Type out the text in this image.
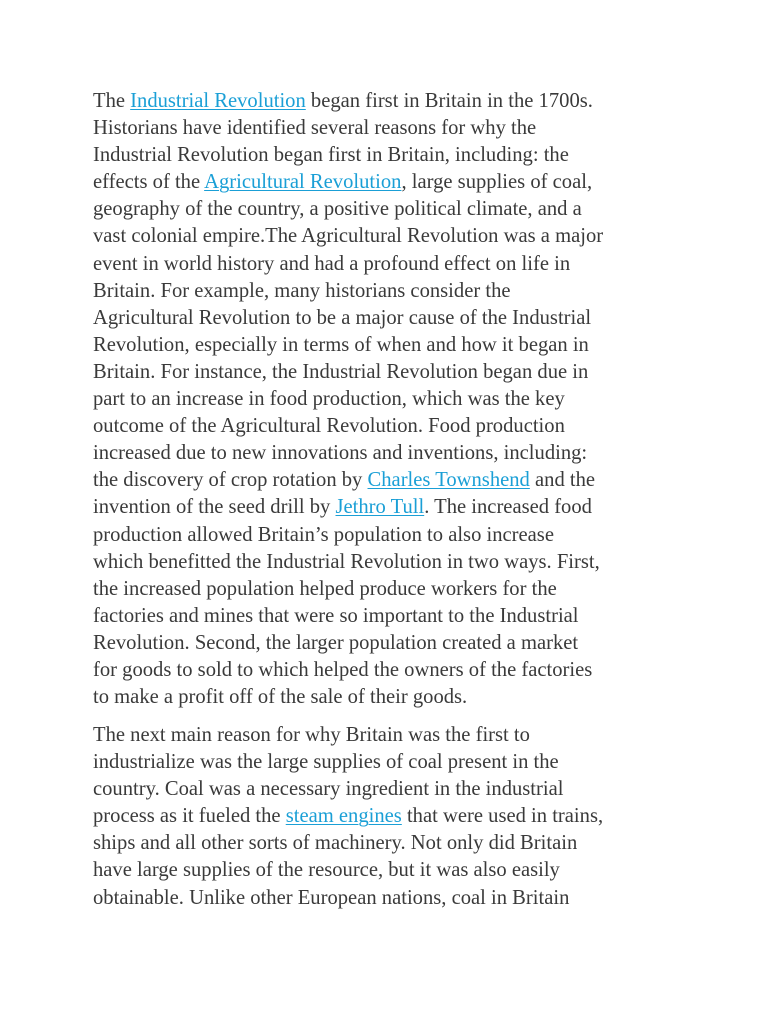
The Industrial Revolution began first in Britain in the 1700s.
Historians have identified several reasons for why the
Industrial Revolution began first in Britain, including: the
effects of the Agricultural Revolution, large supplies of coal,
geography of the country, a positive political climate, and a
vast colonial empire.The Agricultural Revolution was a major
event in world history and had a profound effect on life in
Britain. For example, many historians consider the
Agricultural Revolution to be a major cause of the Industrial
Revolution, especially in terms of when and how it began in
Britain. For instance, the Industrial Revolution began due in
part to an increase in food production, which was the key
outcome of the Agricultural Revolution. Food production
increased due to new innovations and inventions, including:
the discovery of crop rotation by Charles Townshend and the
invention of the seed drill by Jethro Tull. The increased food
production allowed Britain’s population to also increase
which benefitted the Industrial Revolution in two ways. First,
the increased population helped produce workers for the
factories and mines that were so important to the Industrial
Revolution. Second, the larger population created a market
for goods to sold to which helped the owners of the factories
to make a profit off of the sale of their goods.

The next main reason for why Britain was the first to
industrialize was the large supplies of coal present in the
country. Coal was a necessary ingredient in the industrial
process as it fueled the steam engines that were used in trains,
ships and all other sorts of machinery. Not only did Britain
have large supplies of the resource, but it was also easily
obtainable. Unlike other European nations, coal in Britain
